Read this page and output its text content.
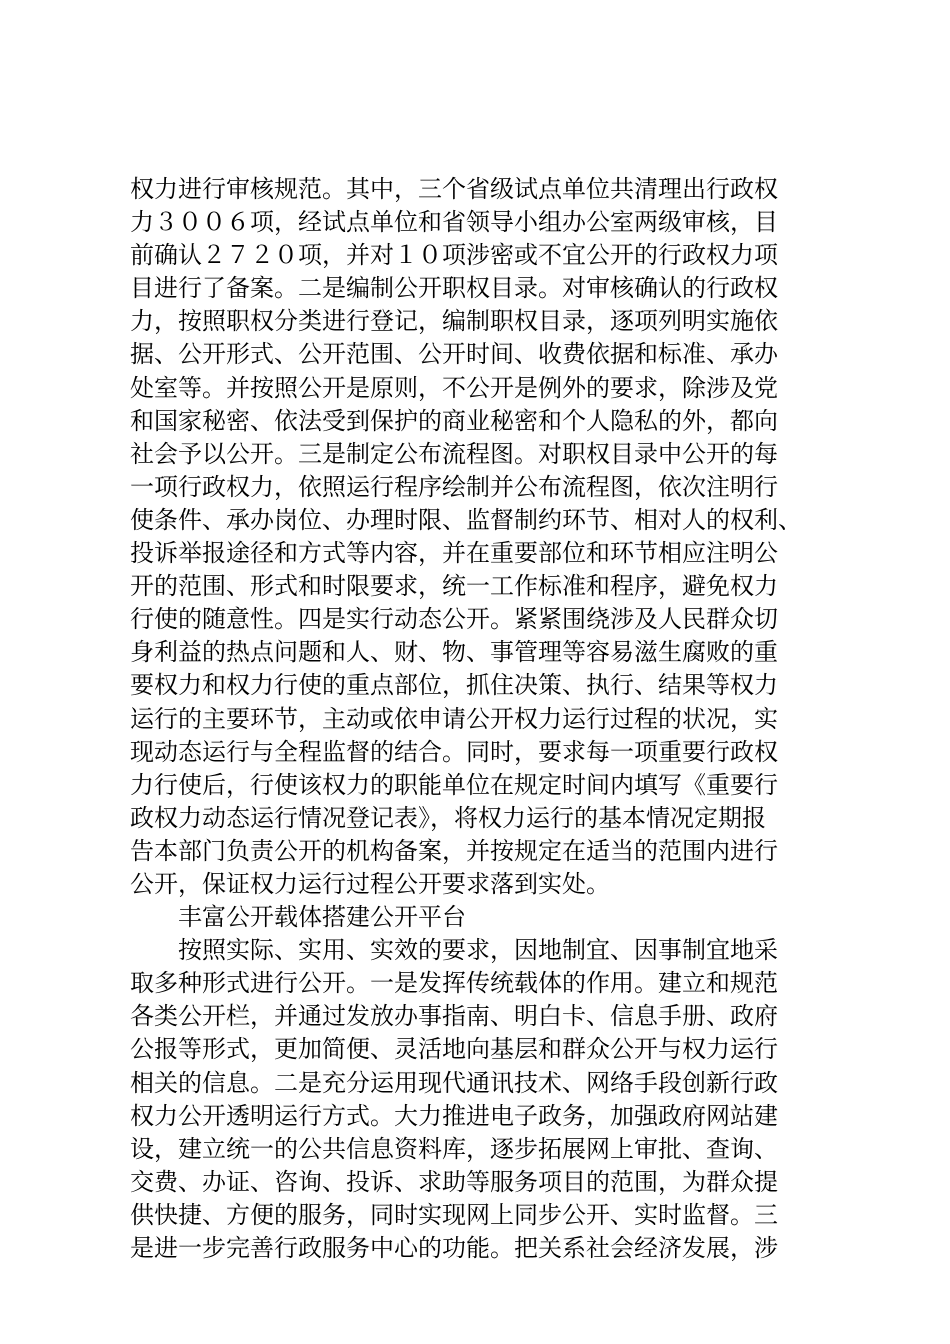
权力进行审核规范。其中，三个省级试点单位共清理出行政权
力３００６项，经试点单位和省领导小组办公室两级审核，目
前确认２７２０项，并对１０项涉密或不宜公开的行政权力项
目进行了备案。二是编制公开职权目录。对审核确认的行政权
力，按照职权分类进行登记，编制职权目录，逐项列明实施依
据、公开形式、公开范围、公开时间、收费依据和标准、承办
处室等。并按照公开是原则，不公开是例外的要求，除涉及党
和国家秘密、依法受到保护的商业秘密和个人隐私的外，都向
社会予以公开。三是制定公布流程图。对职权目录中公开的每
一项行政权力，依照运行程序绘制并公布流程图，依次注明行
使条件、承办岗位、办理时限、监督制约环节、相对人的权利、
投诉举报途径和方式等内容，并在重要部位和环节相应注明公
开的范围、形式和时限要求，统一工作标准和程序，避免权力
行使的随意性。四是实行动态公开。紧紧围绕涉及人民群众切
身利益的热点问题和人、财、物、事管理等容易滋生腐败的重
要权力和权力行使的重点部位，抓住决策、执行、结果等权力
运行的主要环节，主动或依申请公开权力运行过程的状况，实
现动态运行与全程监督的结合。同时，要求每一项重要行政权
力行使后，行使该权力的职能单位在规定时间内填写《重要行
政权力动态运行情况登记表》，将权力运行的基本情况定期报
告本部门负责公开的机构备案，并按规定在适当的范围内进行
公开，保证权力运行过程公开要求落到实处。
　　丰富公开载体搭建公开平台
　　按照实际、实用、实效的要求，因地制宜、因事制宜地采
取多种形式进行公开。一是发挥传统载体的作用。建立和规范
各类公开栏，并通过发放办事指南、明白卡、信息手册、政府
公报等形式，更加简便、灵活地向基层和群众公开与权力运行
相关的信息。二是充分运用现代通讯技术、网络手段创新行政
权力公开透明运行方式。大力推进电子政务，加强政府网站建
设，建立统一的公共信息资料库，逐步拓展网上审批、查询、
交费、办证、咨询、投诉、求助等服务项目的范围，为群众提
供快捷、方便的服务，同时实现网上同步公开、实时监督。三
是进一步完善行政服务中心的功能。把关系社会经济发展，涉
